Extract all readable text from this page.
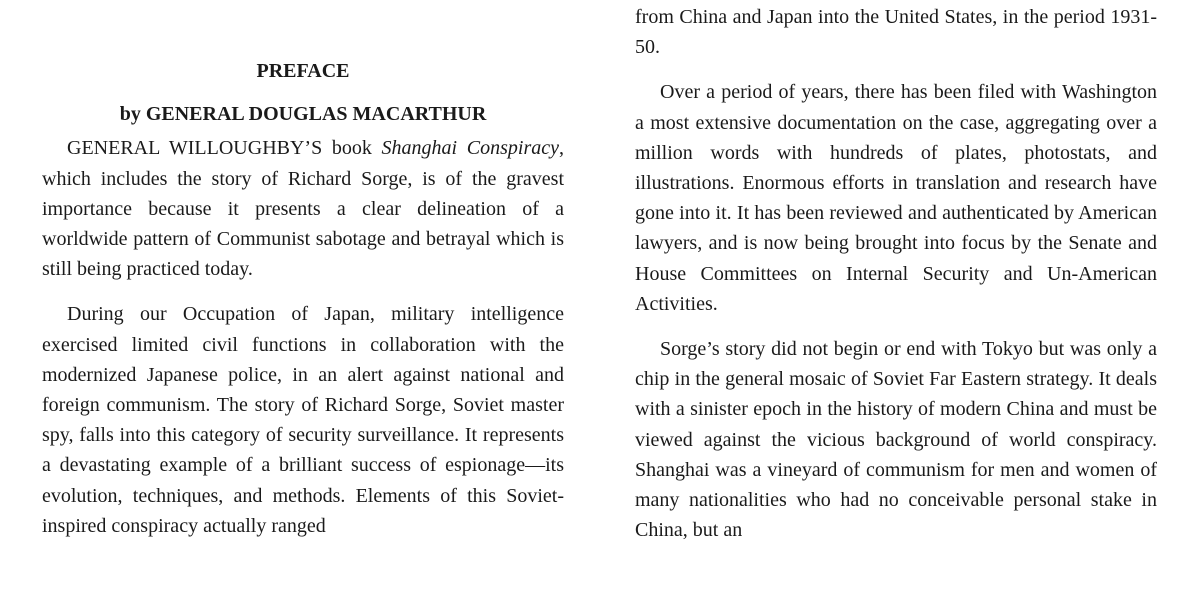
PREFACE
by GENERAL DOUGLAS MACARTHUR

GENERAL WILLOUGHBY’S book Shanghai Conspiracy, which includes the story of Richard Sorge, is of the gravest importance because it presents a clear delineation of a worldwide pattern of Communist sabotage and betrayal which is still being practiced today.

During our Occupation of Japan, military intelligence exercised limited civil functions in collaboration with the modernized Japanese police, in an alert against national and foreign communism. The story of Richard Sorge, Soviet master spy, falls into this category of security surveillance. It represents a devastating example of a brilliant success of espionage—its evolution, techniques, and methods. Elements of this Soviet-inspired conspiracy actually ranged

from China and Japan into the United States, in the period 1931-50.

Over a period of years, there has been filed with Washington a most extensive documentation on the case, aggregating over a million words with hundreds of plates, photostats, and illustrations. Enormous efforts in translation and research have gone into it. It has been reviewed and authenticated by American lawyers, and is now being brought into focus by the Senate and House Committees on Internal Security and Un-American Activities.

Sorge’s story did not begin or end with Tokyo but was only a chip in the general mosaic of Soviet Far Eastern strategy. It deals with a sinister epoch in the history of modern China and must be viewed against the vicious background of world conspiracy. Shanghai was a vineyard of communism for men and women of many nationalities who had no conceivable personal stake in China, but an
